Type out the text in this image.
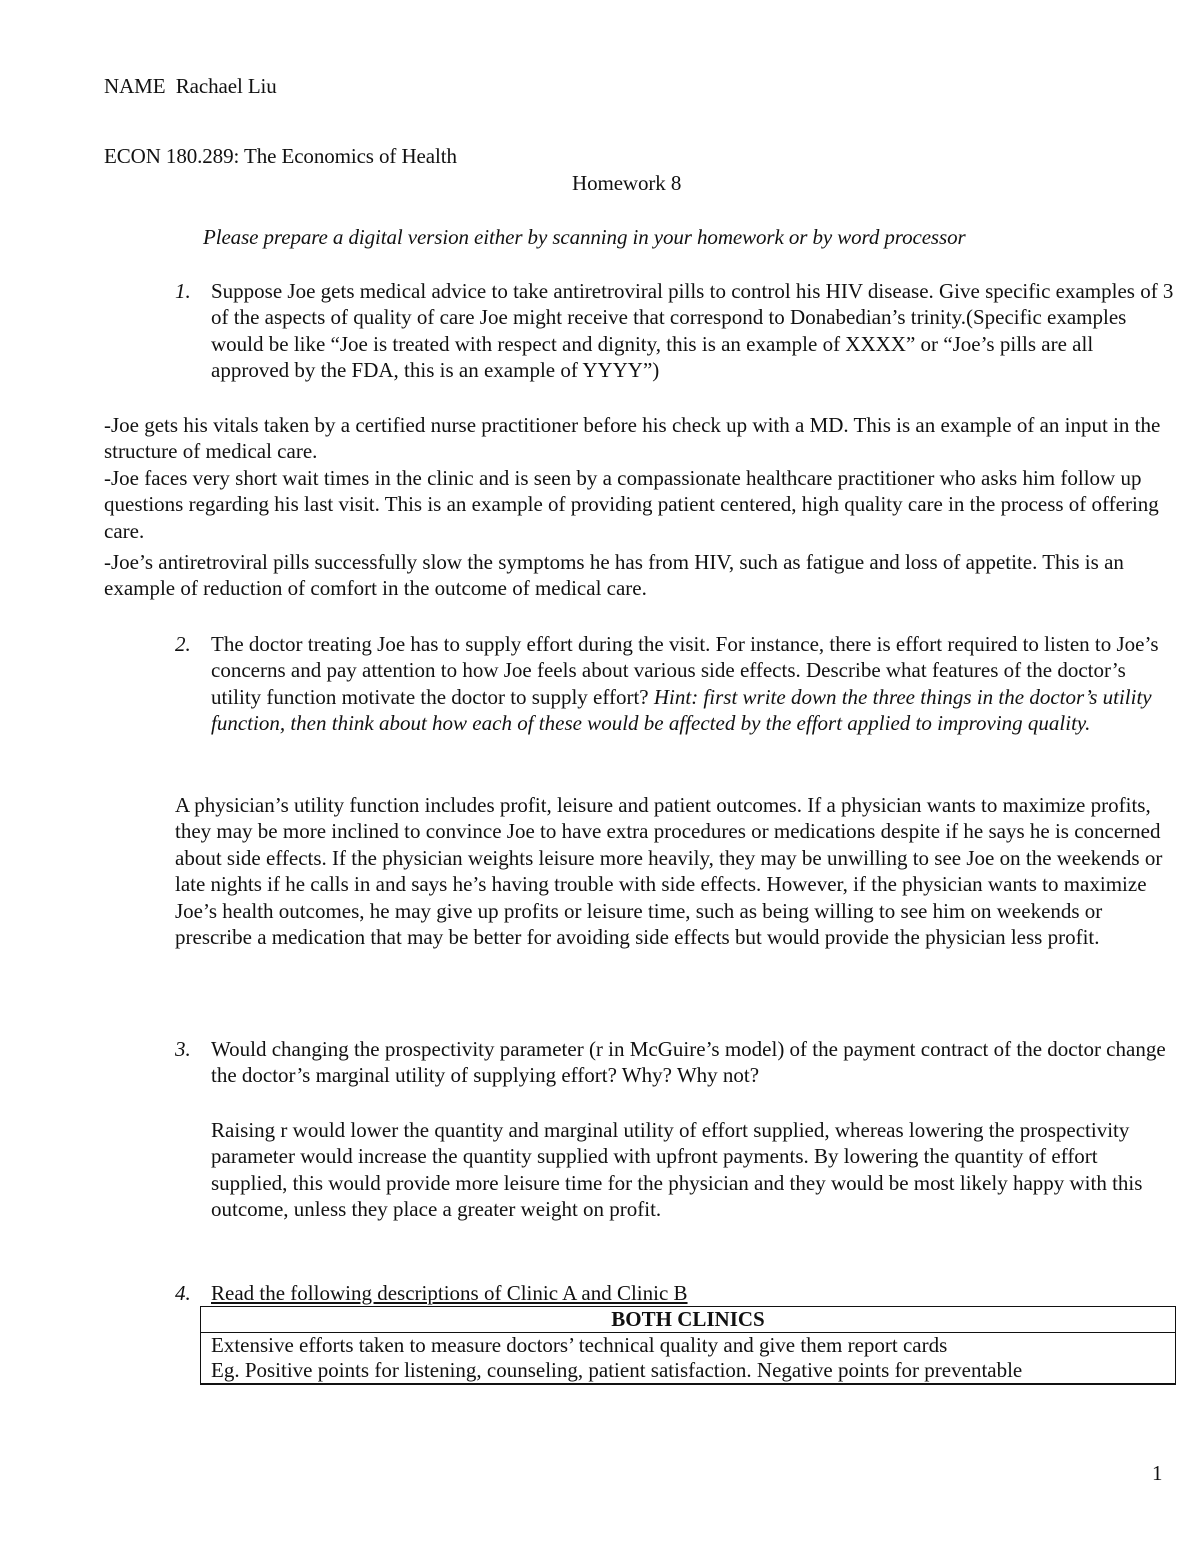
NAME Rachael Liu
ECON 180.289: The Economics of Health
Homework 8
Please prepare a digital version either by scanning in your homework or by word processor
1. Suppose Joe gets medical advice to take antiretroviral pills to control his HIV disease. Give specific examples of 3 of the aspects of quality of care Joe might receive that correspond to Donabedian’s trinity.(Specific examples would be like “Joe is treated with respect and dignity, this is an example of XXXX” or “Joe’s pills are all approved by the FDA, this is an example of YYYY”)
-Joe gets his vitals taken by a certified nurse practitioner before his check up with a MD. This is an example of an input in the structure of medical care.
-Joe faces very short wait times in the clinic and is seen by a compassionate healthcare practitioner who asks him follow up questions regarding his last visit. This is an example of providing patient centered, high quality care in the process of offering care.
-Joe’s antiretroviral pills successfully slow the symptoms he has from HIV, such as fatigue and loss of appetite. This is an example of reduction of comfort in the outcome of medical care.
2. The doctor treating Joe has to supply effort during the visit. For instance, there is effort required to listen to Joe’s concerns and pay attention to how Joe feels about various side effects. Describe what features of the doctor’s utility function motivate the doctor to supply effort? Hint: first write down the three things in the doctor’s utility function, then think about how each of these would be affected by the effort applied to improving quality.
A physician’s utility function includes profit, leisure and patient outcomes. If a physician wants to maximize profits, they may be more inclined to convince Joe to have extra procedures or medications despite if he says he is concerned about side effects. If the physician weights leisure more heavily, they may be unwilling to see Joe on the weekends or late nights if he calls in and says he’s having trouble with side effects. However, if the physician wants to maximize Joe’s health outcomes, he may give up profits or leisure time, such as being willing to see him on weekends or prescribe a medication that may be better for avoiding side effects but would provide the physician less profit.
3. Would changing the prospectivity parameter (r in McGuire’s model) of the payment contract of the doctor change the doctor’s marginal utility of supplying effort? Why? Why not?
Raising r would lower the quantity and marginal utility of effort supplied, whereas lowering the prospectivity parameter would increase the quantity supplied with upfront payments. By lowering the quantity of effort supplied, this would provide more leisure time for the physician and they would be most likely happy with this outcome, unless they place a greater weight on profit.
4. Read the following descriptions of Clinic A and Clinic B
BOTH CLINICS

Extensive efforts taken to measure doctors’ technical quality and give them report cards
Eg. Positive points for listening, counseling, patient satisfaction. Negative points for preventable
1
